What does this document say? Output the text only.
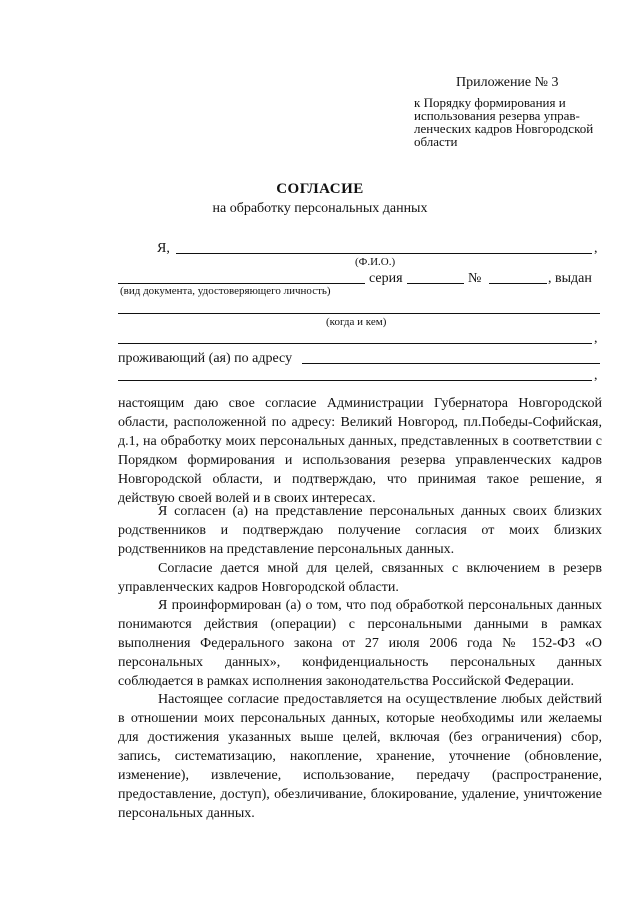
Приложение № 3
к Порядку формирования и
использования резерва управ-
ленческих кадров Новгородской
области
СОГЛАСИЕ
на обработку персональных данных
Я,	,
(Ф.И.О.)
серия	№	, выдан
(вид документа, удостоверяющего личность)
(когда и кем)
,
проживающий (ая) по адресу
,
настоящим даю свое согласие Администрации Губернатора Новгородской области, расположенной по адресу: Великий Новгород, пл.Победы-Софийская, д.1, на обработку моих персональных данных, представленных в соответствии с Порядком формирования и использования резерва управленческих кадров Новгородской области, и подтверждаю, что принимая такое решение, я действую своей волей и в своих интересах.
Я согласен (а) на представление персональных данных своих близких родственников и подтверждаю получение согласия от моих близких родственников на представление персональных данных.
Согласие дается мной для целей, связанных с включением в резерв управленческих кадров Новгородской области.
Я проинформирован (а) о том, что под обработкой персональных данных понимаются действия (операции) с персональными данными в рамках выполнения Федерального закона от 27 июля 2006 года № 152-ФЗ «О персональных данных», конфиденциальность персональных данных соблюдается в рамках исполнения законодательства Российской Федерации.
Настоящее согласие предоставляется на осуществление любых действий в отношении моих персональных данных, которые необходимы или желаемы для достижения указанных выше целей, включая (без ограничения) сбор, запись, систематизацию, накопление, хранение, уточнение (обновление, изменение), извлечение, использование, передачу (распространение, предоставление, доступ), обезличивание, блокирование, удаление, уничтожение персональных данных.
